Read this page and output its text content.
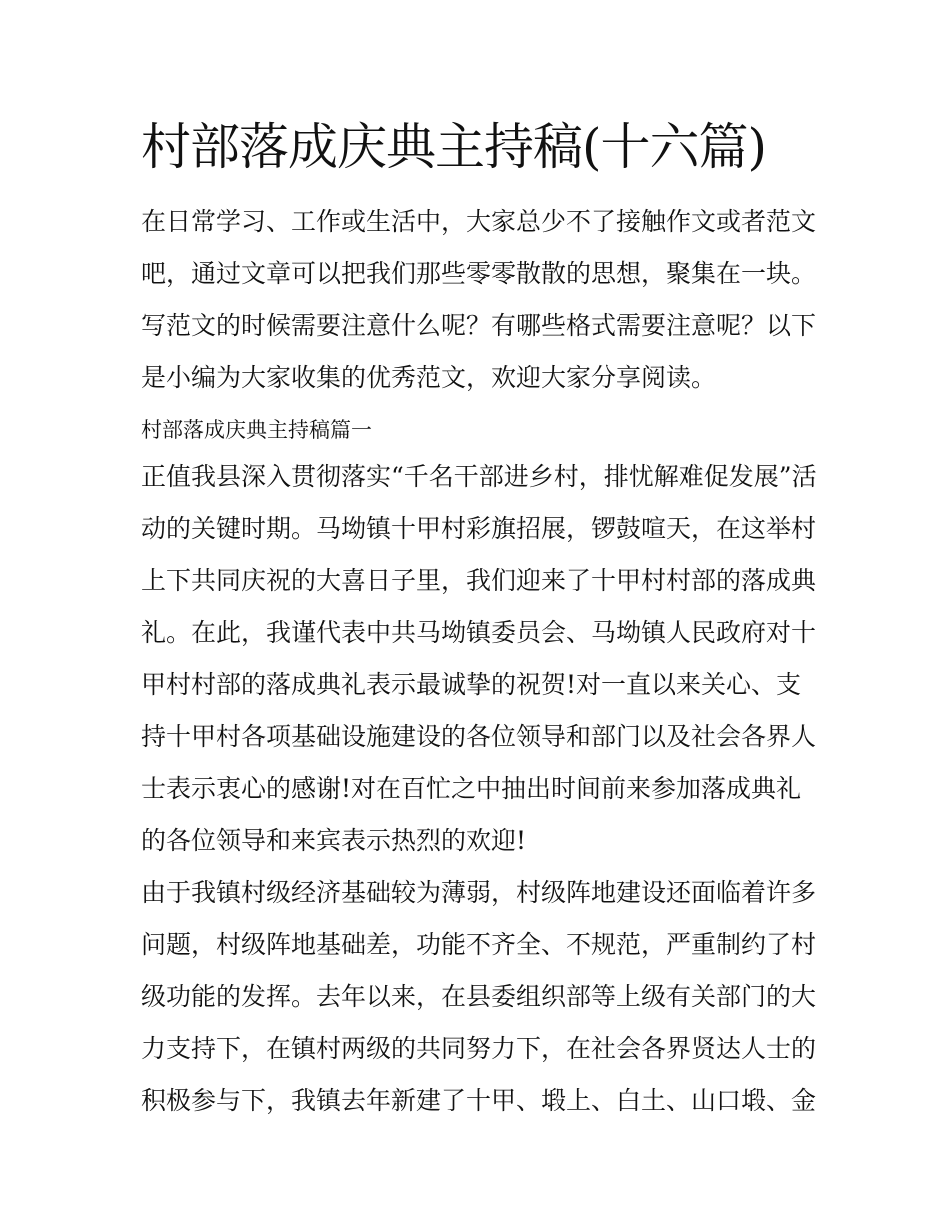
村部落成庆典主持稿(十六篇)

在日常学习、工作或生活中，大家总少不了接触作文或者范文

吧，通过文章可以把我们那些零零散散的思想，聚集在一块。

写范文的时候需要注意什么呢？有哪些格式需要注意呢？以下

是小编为大家收集的优秀范文，欢迎大家分享阅读。

村部落成庆典主持稿篇一

正值我县深入贯彻落实“千名干部进乡村，排忧解难促发展”活

动的关键时期。马坳镇十甲村彩旗招展，锣鼓喧天，在这举村

上下共同庆祝的大喜日子里，我们迎来了十甲村村部的落成典

礼。在此，我谨代表中共马坳镇委员会、马坳镇人民政府对十

甲村村部的落成典礼表示最诚挚的祝贺!对一直以来关心、支

持十甲村各项基础设施建设的各位领导和部门以及社会各界人

士表示衷心的感谢!对在百忙之中抽出时间前来参加落成典礼

的各位领导和来宾表示热烈的欢迎!

由于我镇村级经济基础较为薄弱，村级阵地建设还面临着许多

问题，村级阵地基础差，功能不齐全、不规范，严重制约了村

级功能的发挥。去年以来，在县委组织部等上级有关部门的大

力支持下，在镇村两级的共同努力下，在社会各界贤达人士的

积极参与下，我镇去年新建了十甲、塅上、白土、山口塅、金
